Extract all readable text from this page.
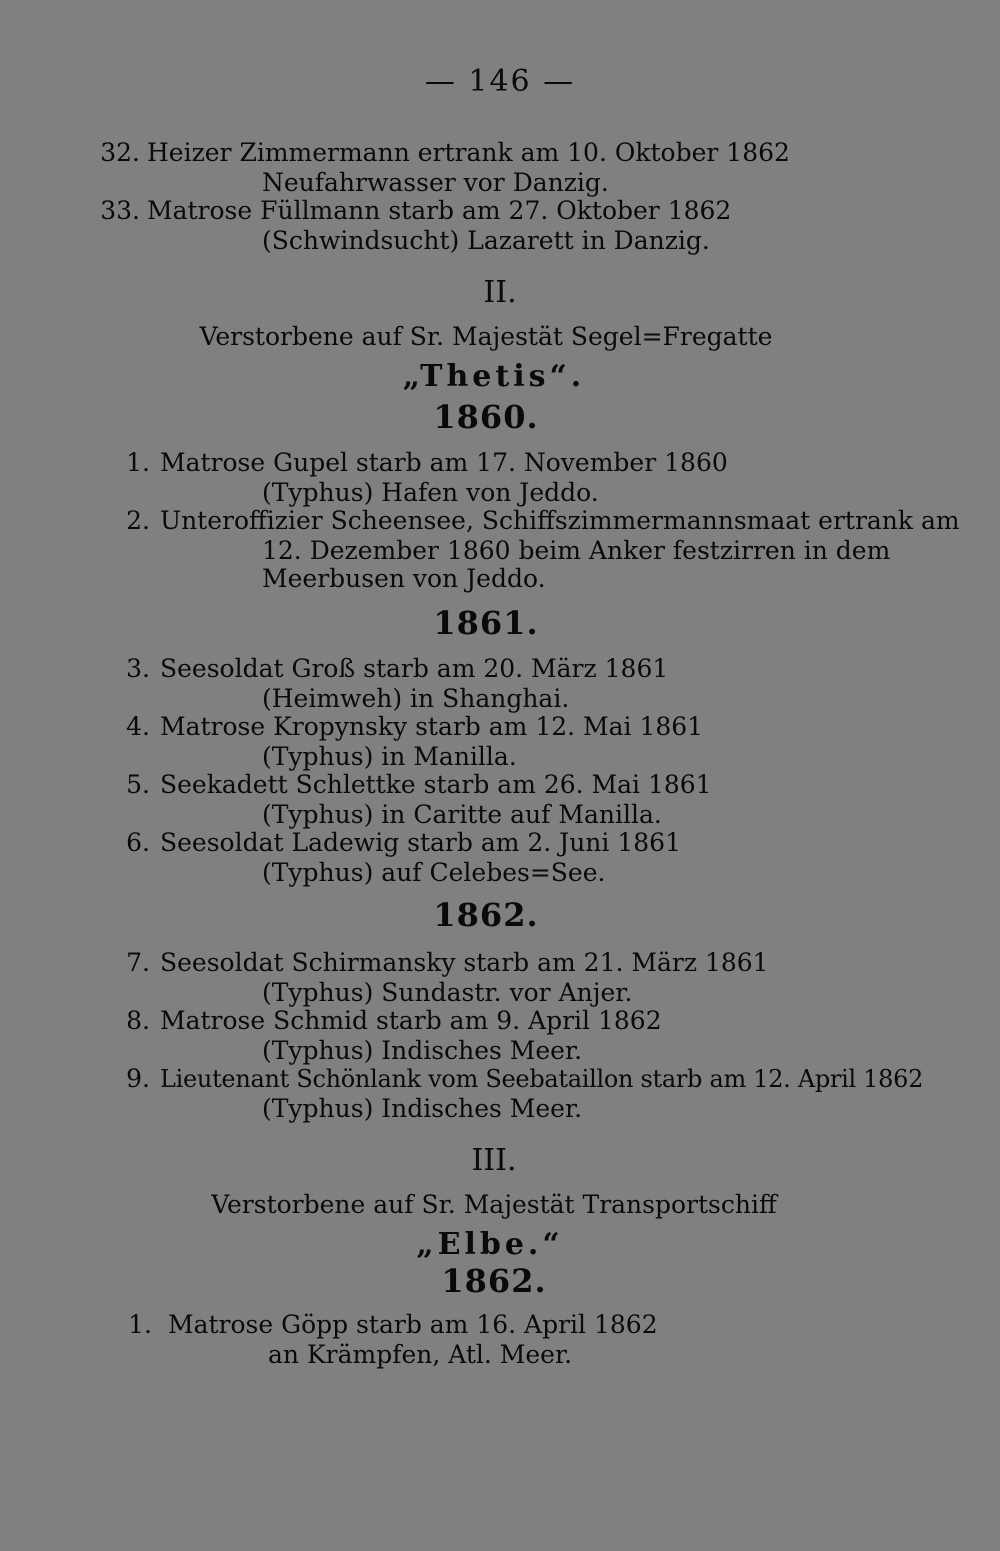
— 146 —
32. Heizer Zimmermann ertrank am 10. Oktober 1862
Neufahrwasser vor Danzig.
33. Matrose Füllmann starb am 27. Oktober 1862
(Schwindsucht) Lazarett in Danzig.
II.
Verstorbene auf Sr. Majestät Segel=Fregatte
„Thetis“.
1860.
1. Matrose Gupel starb am 17. November 1860
(Typhus) Hafen von Jeddo.
2. Unteroffizier Scheensee, Schiffszimmermannsmaat ertrank am
12. Dezember 1860 beim Anker festzirren in dem
Meerbusen von Jeddo.
1861.
3. Seesoldat Groß starb am 20. März 1861
(Heimweh) in Shanghai.
4. Matrose Kropynsky starb am 12. Mai 1861
(Typhus) in Manilla.
5. Seekadett Schlettke starb am 26. Mai 1861
(Typhus) in Caritte auf Manilla.
6. Seesoldat Ladewig starb am 2. Juni 1861
(Typhus) auf Celebes=See.
1862.
7. Seesoldat Schirmansky starb am 21. März 1861
(Typhus) Sundastr. vor Anjer.
8. Matrose Schmid starb am 9. April 1862
(Typhus) Indisches Meer.
9. Lieutenant Schönlank vom Seebataillon starb am 12. April 1862
(Typhus) Indisches Meer.
III.
Verstorbene auf Sr. Majestät Transportschiff
„Elbe.“
1862.
1. Matrose Göpp starb am 16. April 1862
an Krämpfen, Atl. Meer.
